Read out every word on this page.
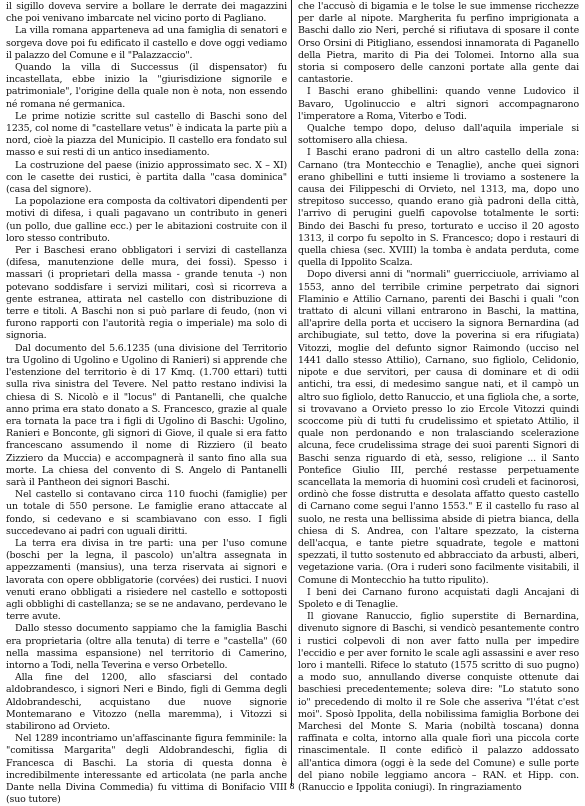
il sigillo doveva servire a bollare le derrate dei magazzini che poi venivano imbarcate nel vicino porto di Pagliano.

La villa romana apparteneva ad una famiglia di senatori e sorgeva dove poi fu edificato il castello e dove oggi vediamo il palazzo del Comune e il "Palazzaccio".

Quando la villa di Successus (il dispensator) fu incastellata, ebbe inizio la "giurisdizione signorile e patrimoniale", l'origine della quale non è nota, non essendo né romana né germanica.

Le prime notizie scritte sul castello di Baschi sono del 1235, col nome di "castellare vetus" è indicata la parte più a nord, cioè la piazza del Municipio. Il castello era fondato sul masso e sui resti di un antico insediamento.

La costruzione del paese (inizio approssimato sec. X – XI) con le casette dei rustici, è partita dalla "casa dominica" (casa del signore).

La popolazione era composta da coltivatori dipendenti per motivi di difesa, i quali pagavano un contributo in generi (un pollo, due galline ecc.) per le abitazioni costruite con il loro stesso contributo.

Per i Baschesi erano obbligatori i servizi di castellanza (difesa, manutenzione delle mura, dei fossi). Spesso i massari (i proprietari della massa - grande tenuta -) non potevano soddisfare i servizi militari, così si ricorreva a gente estranea, attirata nel castello con distribuzione di terre e titoli. A Baschi non si può parlare di feudo, (non vi furono rapporti con l'autorità regia o imperiale) ma solo di signoria.

Dal documento del 5.6.1235 (una divisione del Territorio tra Ugolino di Ugolino e Ugolino di Ranieri) si apprende che l'estenzione del territorio è di 17 Kmq. (1.700 ettari) tutti sulla riva sinistra del Tevere. Nel patto restano indivisi la chiesa di S. Nicolò e il "locus" di Pantanelli, che qualche anno prima era stato donato a S. Francesco, grazie al quale era tornata la pace tra i figli di Ugolino di Baschi: Ugolino, Ranieri e Bonconte, gli signori di Giove, il quale si era fatto francescano assumendo il nome di Rizziero (il beato Zizziero da Muccia) e accompagnerà il santo fino alla sua morte. La chiesa del convento di S. Angelo di Pantanelli sarà il Pantheon dei signori Baschi.

Nel castello si contavano circa 110 fuochi (famiglie) per un totale di 550 persone. Le famiglie erano attaccate al fondo, si cedevano e si scambiavano con esso. I figli succedevano ai padri con uguali diritti.

La terra era divisa in tre parti: una per l'uso comune (boschi per la legna, il pascolo) un'altra assegnata in appezzamenti (mansius), una terza riservata ai signori e lavorata con opere obbligatorie (corvées) dei rustici. I nuovi venuti erano obbligati a risiedere nel castello e sottoposti agli obblighi di castellanza; se se ne andavano, perdevano le terre avute.

Dallo stesso documento sappiamo che la famiglia Baschi era proprietaria (oltre alla tenuta) di terre e "castella" (60 nella massima espansione) nel territorio di Camerino, intorno a Todi, nella Teverina e verso Orbetello.

Alla fine del 1200, allo sfasciarsi del contado aldobrandesco, i signori Neri e Bindo, figli di Gemma degli Aldobrandeschi, acquistano due nuove signorie Montemarano e Vitozzo (nella maremma), i Vitozzi si stabilirono ad Orvieto.

Nel 1289 incontriamo un'affascinante figura femminile: la "comitissa Margarita" degli Aldobrandeschi, figlia di Francesca di Baschi. La storia di questa donna è incredibilmente interessante ed articolata (ne parla anche Dante nella Divina Commedia) fu vittima di Bonifacio VIII (suo tutore)

che l'accusò di bigamia e le tolse le sue immense ricchezze per darle al nipote. Margherita fu perfino imprigionata a Baschi dallo zio Neri, perché si rifiutava di sposare il conte Orso Orsini di Pitigliano, essendosi innamorata di Paganello della Pietra, marito di Pia dei Tolomei. Intorno alla sua storia si composero delle canzoni portate alla gente dai cantastorie.

I Baschi erano ghibellini: quando venne Ludovico il Bavaro, Ugolinuccio e altri signori accompagnarono l'imperatore a Roma, Viterbo e Todi.

Qualche tempo dopo, deluso dall'aquila imperiale si sottomisero alla chiesa.

I Baschi erano padroni di un altro castello della zona: Carnano (tra Montecchio e Tenaglie), anche quei signori erano ghibellini e tutti insieme li troviamo a sostenere la causa dei Filippeschi di Orvieto, nel 1313, ma, dopo uno strepitoso successo, quando erano già padroni della città, l'arrivo di perugini guelfi capovolse totalmente le sorti: Bindo dei Baschi fu preso, torturato e ucciso il 20 agosto 1313, il corpo fu sepolto in S. Francesco; dopo i restauri di quella chiesa (sec. XVIII) la tomba è andata perduta, come quella di Ippolito Scalza.

Dopo diversi anni di "normali" guerricciuole, arriviamo al 1553, anno del terribile crimine perpetrato dai signori Flaminio e Attilio Carnano, parenti dei Baschi i quali "con trattato di alcuni villani entrarono in Baschi, la mattina, all'aprire della porta et uccisero la signora Bernardina (ad archibugiate, sul tetto, dove la poverina si era rifugiata) Vitozzi, moglie del defunto signor Raimondo (ucciso nel 1441 dallo stesso Attilio), Carnano, suo figliolo, Celidonio, nipote e due servitori, per causa di dominare et di odii antichi, tra essi, di medesimo sangue nati, et il campò un altro suo figliolo, detto Ranuccio, et una figliola che, a sorte, si trovavano a Orvieto presso lo zio Ercole Vitozzi quindi scoccome più di tutti fu crudelissimo et spietato Attilio, il quale non perdonando e non tralasciando scelerazione alcuna, fece crudelissima strage dei suoi parenti Signori di Baschi senza riguardo di età, sesso, religione ... il Santo Pontefice Giulio III, perché restasse perpetuamente scancellata la memoria di huomini così crudeli et facinorosi, ordinò che fosse distrutta e desolata affatto questo castello di Carnano come segui l'anno 1553." E il castello fu raso al suolo, ne resta una bellissima abside di pietra bianca, della chiesa di S. Andrea, con l'altare spezzato, la cisterna dell'acqua, e tante pietre squadrate, tegole e mattoni spezzati, il tutto sostenuto ed abbracciato da arbusti, alberi, vegetazione varia. (Ora i ruderi sono facilmente visitabili, il Comune di Montecchio ha tutto ripulito).

I beni dei Carnano furono acquistati dagli Ancajani di Spoleto e di Tenaglie.

Il giovane Ranuccio, figlio superstite di Bernardina, divenuto signore di Baschi, si vendicò pesantemente contro i rustici colpevoli di non aver fatto nulla per impedire l'eccidio e per aver fornito le scale agli assassini e aver reso loro i mantelli. Rifece lo statuto (1575 scritto di suo pugno) a modo suo, annullando diverse conquiste ottenute dai baschiesi precedentemente; soleva dire: "Lo statuto sono io" precedendo di molto il re Sole che asseriva "l'état c'est moi". Sposò Ippolita, della nobilissima famiglia Borbone dei Marchesi del Monte S. Maria (nobiltà toscana) donna raffinata e colta, intorno alla quale fiorì una piccola corte rinascimentale. Il conte edificò il palazzo addossato all'antica dimora (oggi è la sede del Comune) e sulle porte del piano nobile leggiamo ancora – RAN. et Hipp. con. (Ranuccio e Ippolita coniugi). In ringraziamento

8
